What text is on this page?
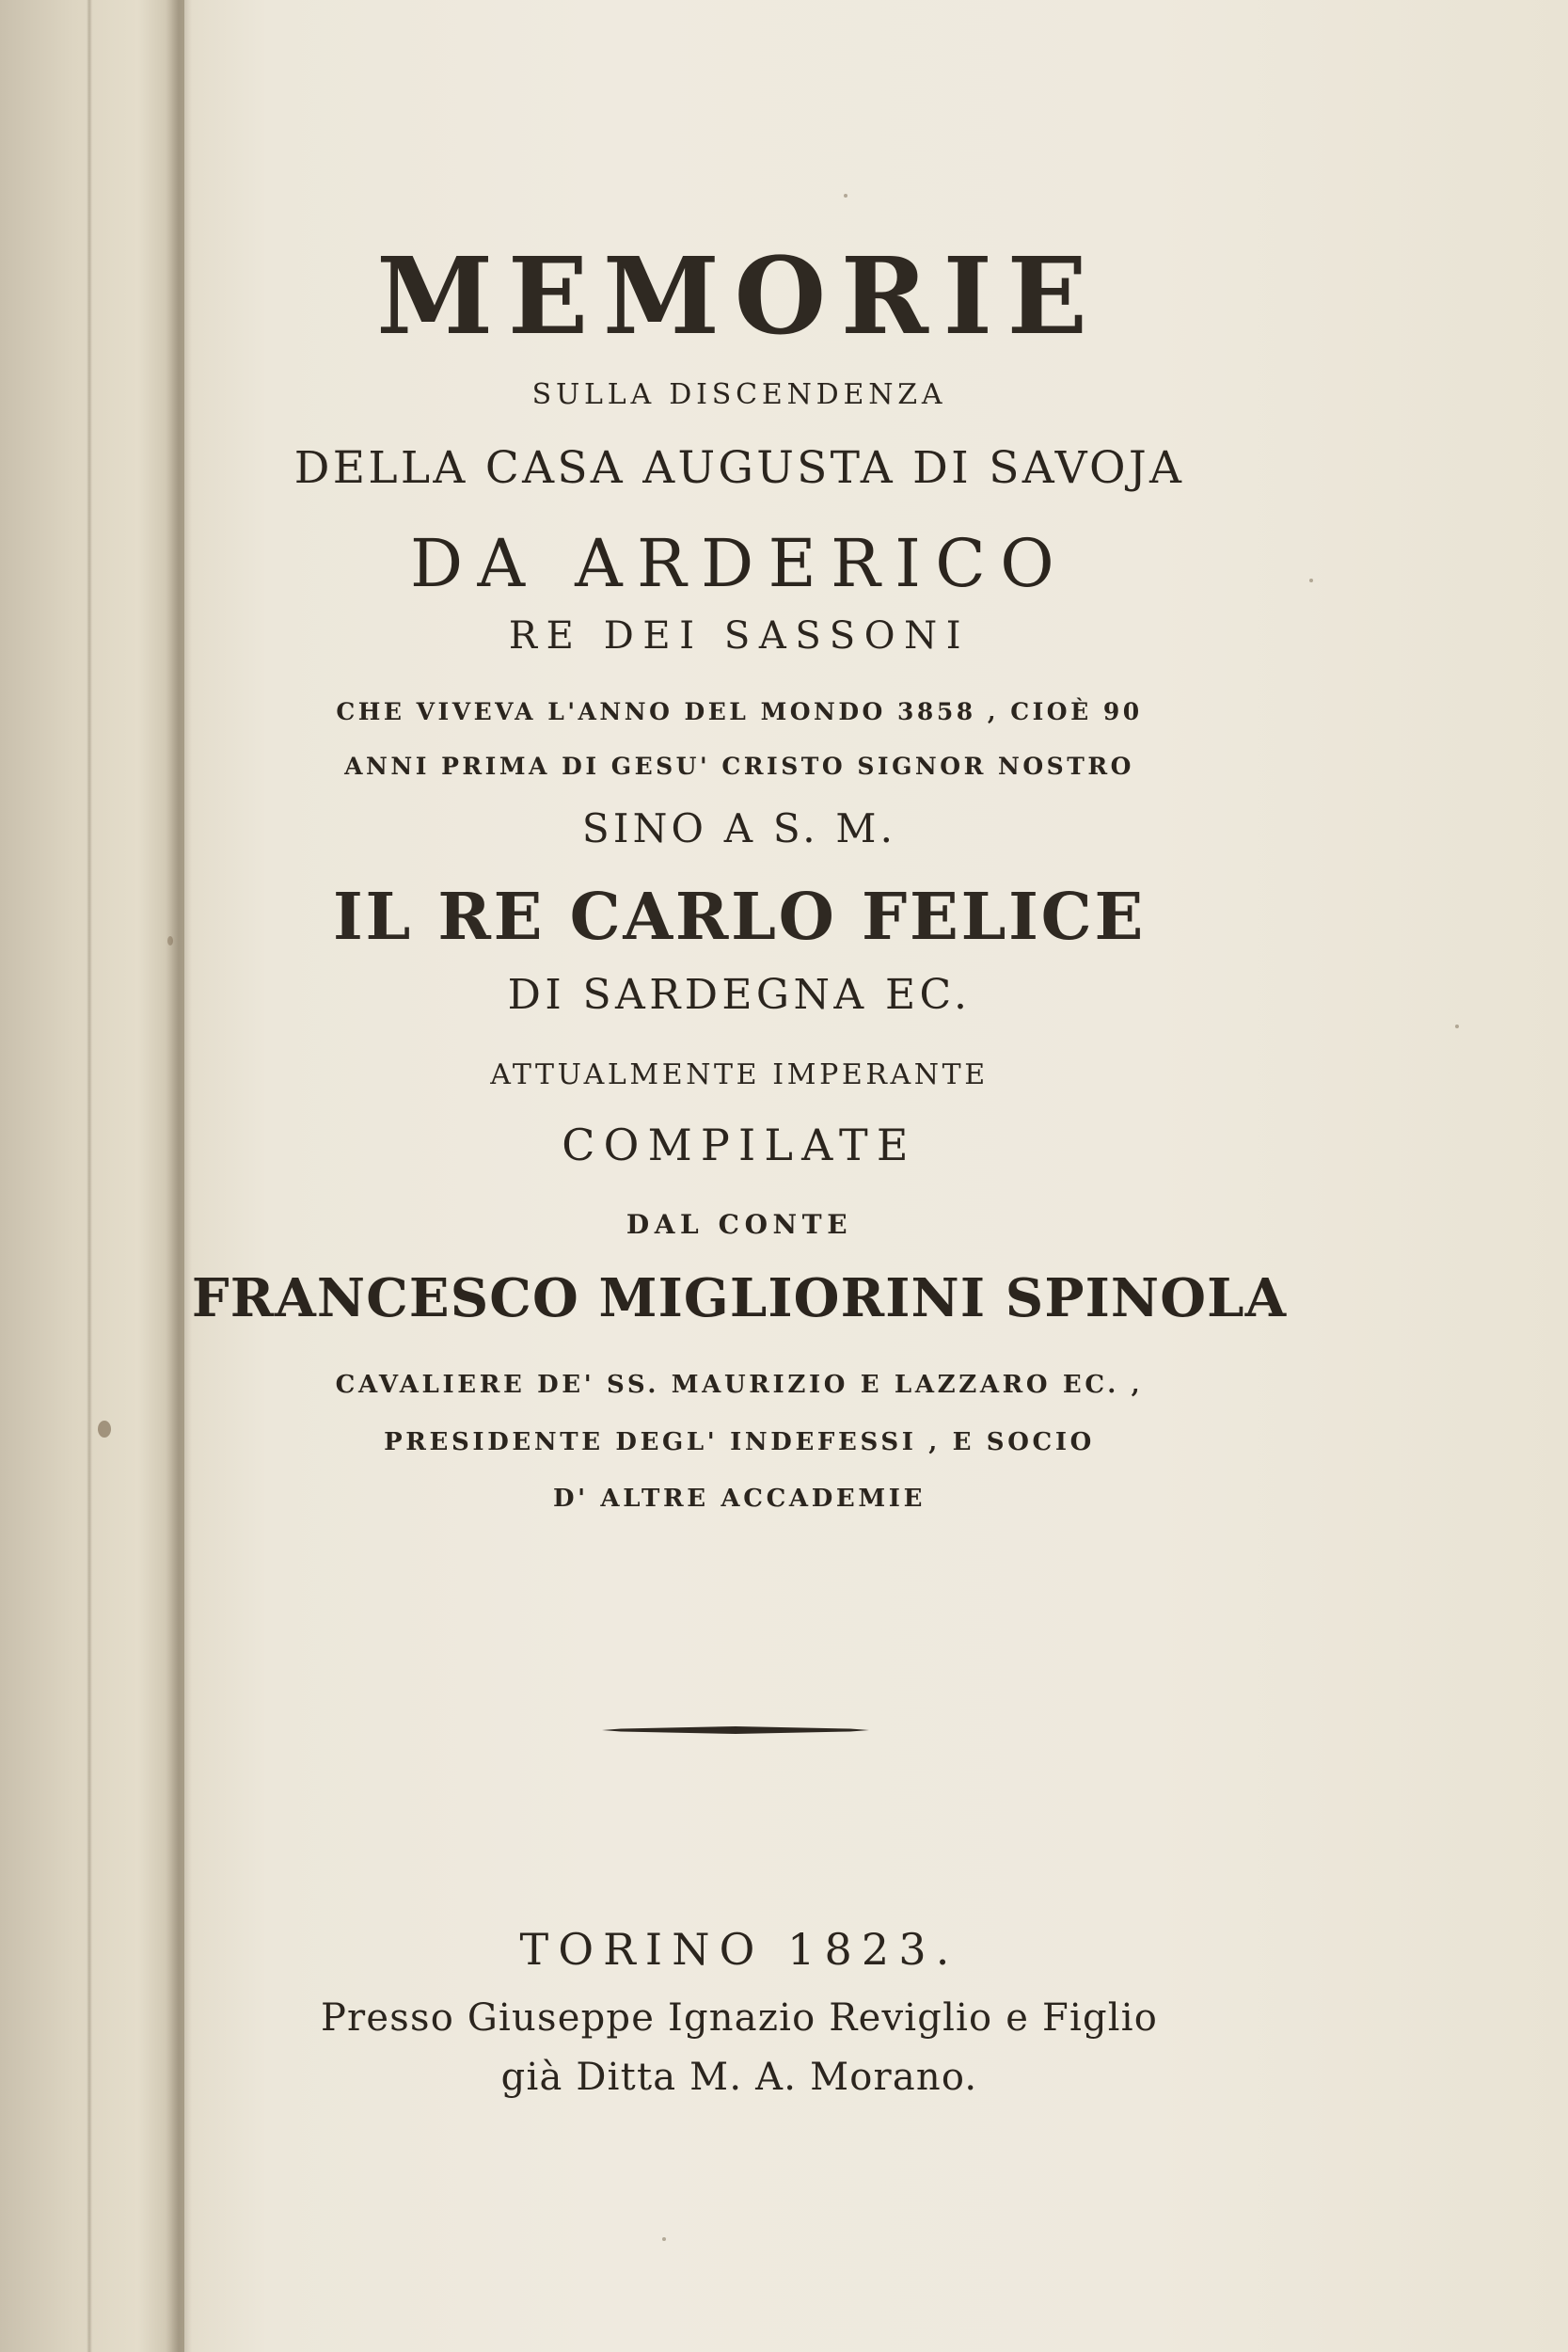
MEMORIE
SULLA DISCENDENZA
DELLA CASA AUGUSTA DI SAVOJA
DA ARDERICO
RE DEI SASSONI
CHE VIVEVA L'ANNO DEL MONDO 3858 , CIOÈ 90
ANNI PRIMA DI GESU' CRISTO SIGNOR NOSTRO
SINO A S. M.
IL RE CARLO FELICE
DI SARDEGNA EC.
ATTUALMENTE IMPERANTE
COMPILATE
DAL CONTE
FRANCESCO MIGLIORINI SPINOLA
CAVALIERE DE' SS. MAURIZIO E LAZZARO EC. ,
PRESIDENTE DEGL' INDEFESSI , E SOCIO
D' ALTRE ACCADEMIE
TORINO 1823.
Presso Giuseppe Ignazio Reviglio e Figlio
già Ditta M. A. Morano.
